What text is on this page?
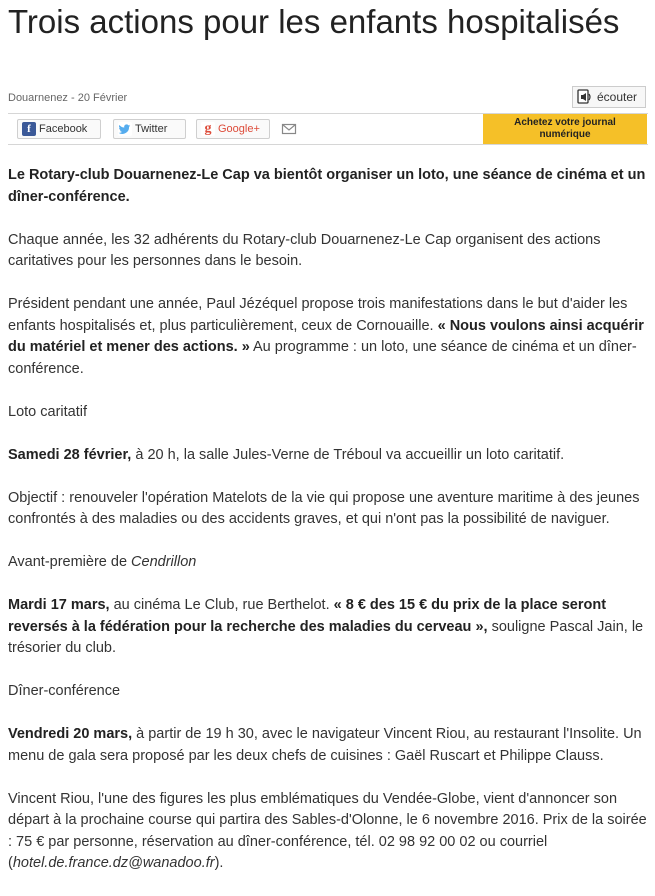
Trois actions pour les enfants hospitalisés
Douarnenez - 20 Février	écouter
f Facebook	Twitter	g Google+
Achetez votre journal
numérique

Le Rotary-club Douarnenez-Le Cap va bientôt organiser un loto, une séance de cinéma et un dîner-conférence.

Chaque année, les 32 adhérents du Rotary-club Douarnenez-Le Cap organisent des actions caritatives pour les personnes dans le besoin.

Président pendant une année, Paul Jézéquel propose trois manifestations dans le but d'aider les enfants hospitalisés et, plus particulièrement, ceux de Cornouaille. « Nous voulons ainsi acquérir du matériel et mener des actions. » Au programme : un loto, une séance de cinéma et un dîner-conférence.

Loto caritatif

Samedi 28 février, à 20 h, la salle Jules-Verne de Tréboul va accueillir un loto caritatif.

Objectif : renouveler l'opération Matelots de la vie qui propose une aventure maritime à des jeunes confrontés à des maladies ou des accidents graves, et qui n'ont pas la possibilité de naviguer.

Avant-première de Cendrillon

Mardi 17 mars, au cinéma Le Club, rue Berthelot. « 8 € des 15 € du prix de la place seront reversés à la fédération pour la recherche des maladies du cerveau », souligne Pascal Jain, le trésorier du club.

Dîner-conférence

Vendredi 20 mars, à partir de 19 h 30, avec le navigateur Vincent Riou, au restaurant l'Insolite. Un menu de gala sera proposé par les deux chefs de cuisines : Gaël Ruscart et Philippe Clauss.

Vincent Riou, l'une des figures les plus emblématiques du Vendée-Globe, vient d'annoncer son départ à la prochaine course qui partira des Sables-d'Olonne, le 6 novembre 2016. Prix de la soirée : 75 € par personne, réservation au dîner-conférence, tél. 02 98 92 00 02 ou courriel (hotel.de.france.dz@wanadoo.fr).
